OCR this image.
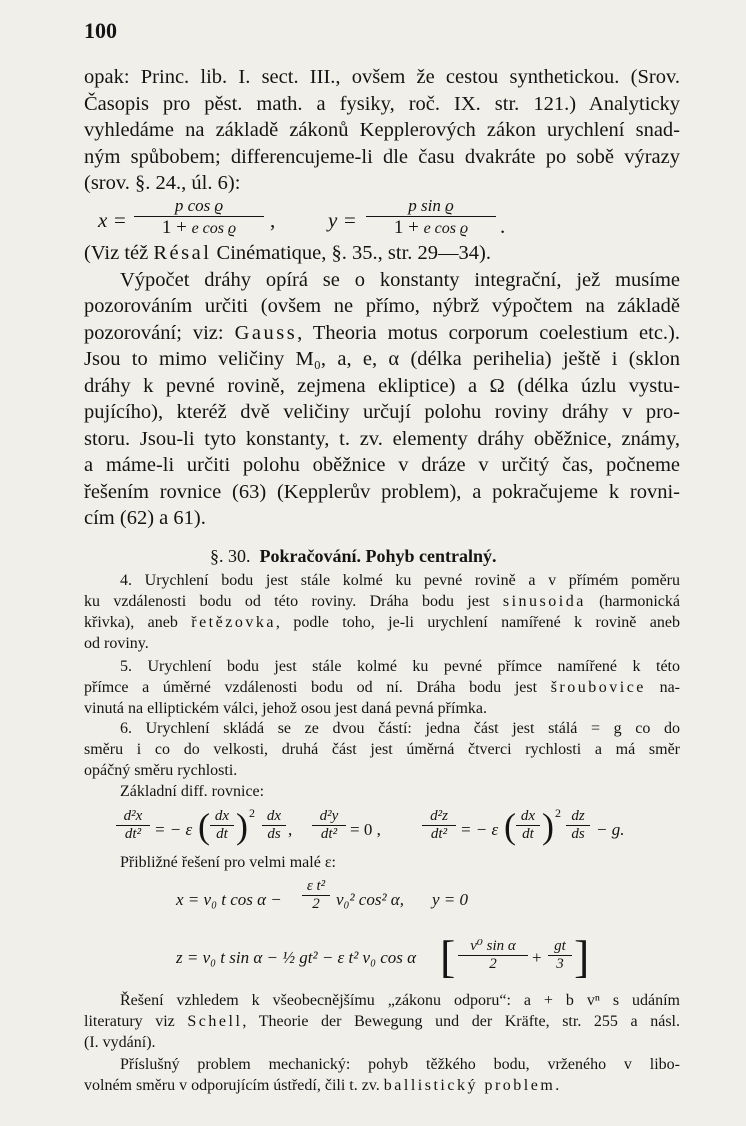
100
opak: Princ. lib. I. sect. III., ovšem že cestou synthetickou. (Srov.
Časopis pro pěst. math. a fysiky, roč. IX. str. 121.) Analyticky
vyhledáme na základě zákonů Kepplerových zákon urychlení snad-
ným spůbobem; differencujeme-li dle času dvakráte po sobě výrazy
(srov. §. 24., úl. 6):
x =
p cos ϱ
1 + e cos ϱ	,	y =
p sin ϱ
1 + e cos ϱ	.
(Viz též Résal Cinématique, §. 35., str. 29—34).
Výpočet dráhy opírá se o konstanty integrační, jež musíme
pozorováním určiti (ovšem ne přímo, nýbrž výpočtem na základě
pozorování; viz: Gauss, Theoria motus corporum coelestium etc.).
Jsou to mimo veličiny M₀, a, e, α (délka perihelia) ještě i (sklon
dráhy k pevné rovině, zejmena ekliptice) a Ω (délka úzlu vystu-
pujícího), kteréž dvě veličiny určují polohu roviny dráhy v pro-
storu. Jsou-li tyto konstanty, t. zv. elementy dráhy oběžnice, známy,
a máme-li určiti polohu oběžnice v dráze v určitý čas, počneme
řešením rovnice (63) (Kepplerův problem), a pokračujeme k rovni-
cím (62) a 61).
§. 30. Pokračování. Pohyb centralný.
4. Urychlení bodu jest stále kolmé ku pevné rovině a v přímém poměru
ku vzdálenosti bodu od této roviny. Dráha bodu jest sinusoida (harmonická
křivka), aneb řetězovka, podle toho, je-li urychlení namířené k rovině aneb
od roviny.
5. Urychlení bodu jest stále kolmé ku pevné přímce namířené k této
přímce a úměrné vzdálenosti bodu od ní. Dráha bodu jest šroubovice na-
vinutá na elliptickém válci, jehož osou jest daná pevná přímka.
6. Urychlení skládá se ze dvou částí: jedna část jest stálá = g co do
směru i co do velkosti, druhá část jest úměrná čtverci rychlosti a má směr
opáčný směru rychlosti.
Základní diff. rovnice:
d²x
dt² = − ε ( dx
dt ) 2 dx
ds ,
d²y
dt² = 0 ,
d²z
dt² = − ε ( dx
dt ) 2 dz
ds − g.
Přibližné řešení pro velmi malé ε:
x = v₀ t cos α −
ε t²
2 v₀² cos² α, y = 0
z = v₀ t sin α − ½ gt² − ε t² v₀ cos α [ v⁰ sin α
2	+
gt
3 ]
Řešení vzhledem k všeobecnějšímu „zákonu odporu“: a + b vⁿ s udáním
literatury viz Schell, Theorie der Bewegung und der Kräfte, str. 255 a násl.
(I. vydání).
Příslušný problem mechanický: pohyb těžkého bodu, vrženého v libo-
volném směru v odporujícím ústředí, čili t. zv. ballistický problem.
